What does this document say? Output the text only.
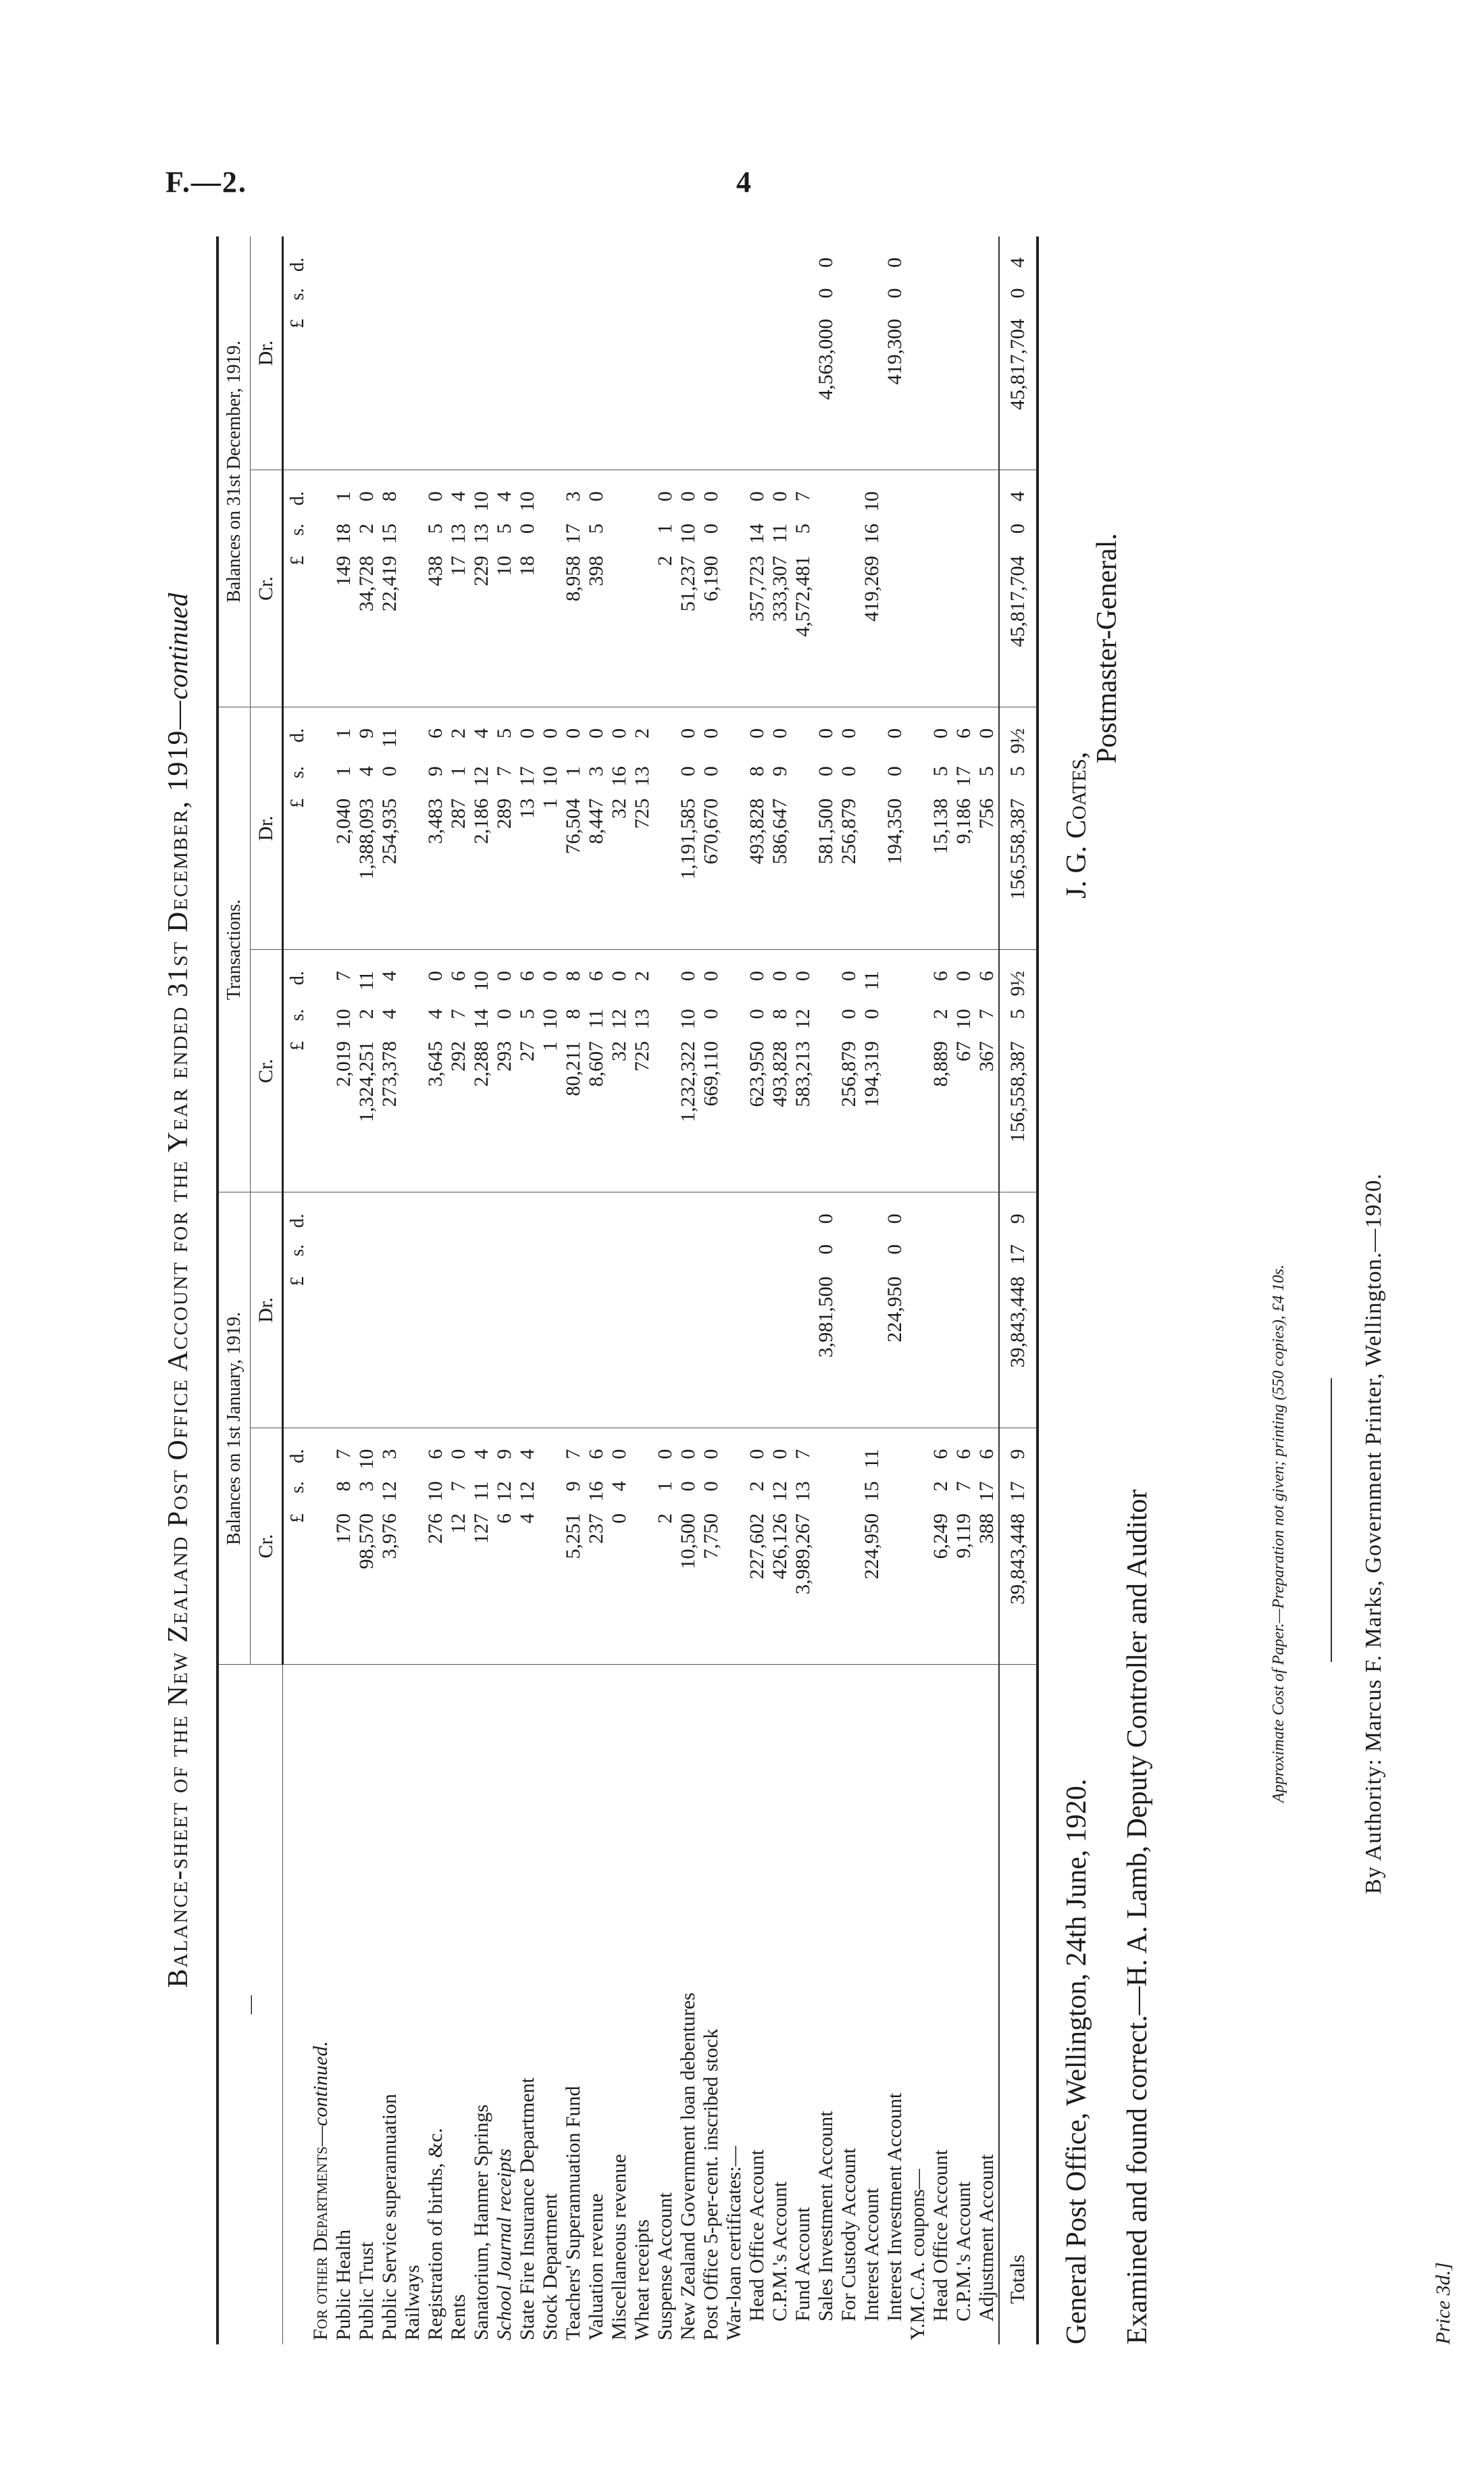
F.—2.	4
Balance-sheet of the New Zealand Post Office Account for the Year ended 31st December, 1919—continued
—	Balances on 1st January, 1919.								Transactions.								Balances on 31st December, 1919.							
	Cr.				Dr.				Cr.				Dr.				Cr.				Dr.			
	£	s.	d.		£	s.	d.		£	s.	d.		£	s.	d.		£	s.	d.		£	s.	d.	
For other Departments—continued.																								
Public Health	170	8	7						2,019	10	7		2,040	1	1		149	18	1					
Public Trust	98,570	3	10						1,324,251	2	11		1,388,093	4	9		34,728	2	0					
Public Service superannuation	3,976	12	3						273,378	4	4		254,935	0	11		22,419	15	8					
Railways																								
Registration of births, &c.	276	10	6						3,645	4	0		3,483	9	6		438	5	0					
Rents	12	7	0						292	7	6		287	1	2		17	13	4					
Sanatorium, Hanmer Springs	127	11	4						2,288	14	10		2,186	12	4		229	13	10					
School Journal receipts	6	12	9						293	0	0		289	7	5		10	5	4					
State Fire Insurance Department	4	12	4						27	5	6		13	17	0		18	0	10					
Stock Department									1	10	0		1	10	0									
Teachers' Superannuation Fund	5,251	9	7						80,211	8	8		76,504	1	0		8,958	17	3					
Valuation revenue	237	16	6						8,607	11	6		8,447	3	0		398	5	0					
Miscellaneous revenue	0	4	0						32	12	0		32	16	0									
Wheat receipts									725	13	2		725	13	2									
Suspense Account	2	1	0														2	1	0					
New Zealand Government loan debentures	10,500	0	0						1,232,322	10	0		1,191,585	0	0		51,237	10	0					
Post Office 5-per-cent. inscribed stock	7,750	0	0						669,110	0	0		670,670	0	0		6,190	0	0					
War-loan certificates:—																								
Head Office Account	227,602	2	0						623,950	0	0		493,828	8	0		357,723	14	0					
C.P.M.'s Account	426,126	12	0						493,828	8	0		586,647	9	0		333,307	11	0					
Fund Account	3,989,267	13	7						583,213	12	0						4,572,481	5	7					
Sales Investment Account					3,981,500	0	0						581,500	0	0						4,563,000	0	0	
For Custody Account									256,879	0	0		256,879	0	0									
Interest Account	224,950	15	11						194,319	0	11						419,269	16	10					
Interest Investment Account					224,950	0	0						194,350	0	0						419,300	0	0	
Y.M.C.A. coupons—																								
Head Office Account	6,249	2	6						8,889	2	6		15,138	5	0									
C.P.M.'s Account	9,119	7	6						67	10	0		9,186	17	6									
Adjustment Account	388	17	6						367	7	6		756	5	0									
Totals	39,843,448	17	9		39,843,448	17	9		156,558,387	5	9½		156,558,387	5	9½		45,817,704	0	4		45,817,704	0	4	
General Post Office, Wellington, 24th June, 1920. Examined and found correct.—H. A. Lamb, Deputy Controller and Auditor
J. G. Coates,
Postmaster-General.
Approximate Cost of Paper.—Preparation not given; printing (550 copies), £4 10s.	By Authority: Marcus F. Marks, Government Printer, Wellington.—1920.
Price 3d.]
